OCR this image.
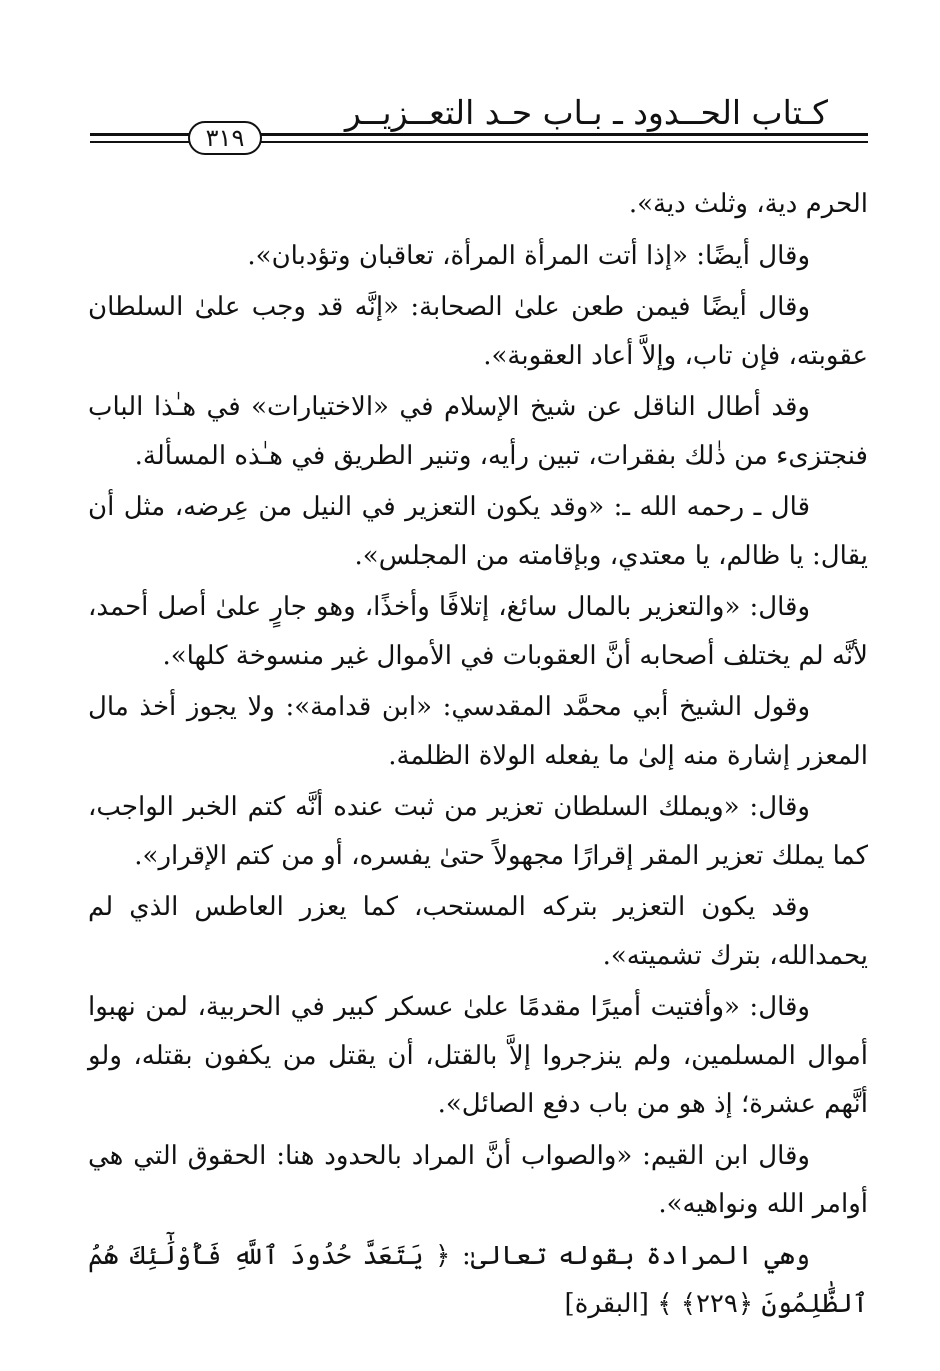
كـتاب الحــدود ـ بـاب حـد التعــزيــر
٣١٩

الحرم دية، وثلث دية».

وقال أيضًا: «إذا أتت المرأة المرأة، تعاقبان وتؤدبان».

وقال أيضًا فيمن طعن علىٰ الصحابة: «إنَّه قد وجب علىٰ السلطان عقوبته، فإن تاب، وإلاَّ أعاد العقوبة».

وقد أطال الناقل عن شيخ الإسلام في «الاختيارات» في هـٰذا الباب فنجتزىء من ذٰلك بفقرات، تبين رأيه، وتنير الطريق في هـٰذه المسألة.

قال ـ رحمه الله ـ: «وقد يكون التعزير في النيل من عِرضه، مثل أن يقال: يا ظالم، يا معتدي، وبإقامته من المجلس».

وقال: «والتعزير بالمال سائغ، إتلافًا وأخذًا، وهو جارٍ علىٰ أصل أحمد، لأنَّه لم يختلف أصحابه أنَّ العقوبات في الأموال غير منسوخة كلها».

وقول الشيخ أبي محمَّد المقدسي: «ابن قدامة»: ولا يجوز أخذ مال المعزر إشارة منه إلىٰ ما يفعله الولاة الظلمة.

وقال: «ويملك السلطان تعزير من ثبت عنده أنَّه كتم الخبر الواجب، كما يملك تعزير المقر إقرارًا مجهولاً حتىٰ يفسره، أو من كتم الإقرار».

وقد يكون التعزير بتركه المستحب، كما يعزر العاطس الذي لم يحمدالله، بترك تشميته».

وقال: «وأفتيت أميرًا مقدمًا علىٰ عسكر كبير في الحربية، لمن نهبوا أموال المسلمين، ولم ينزجروا إلاَّ بالقتل، أن يقتل من يكفون بقتله، ولو أنَّهم عشرة؛ إذ هو من باب دفع الصائل».

وقال ابن القيم: «والصواب أنَّ المراد بالحدود هنا: الحقوق التي هي أوامر الله ونواهيه».

وهي المرادة بقوله تعالىٰ: ﴿ يَتَعَدَّ حُدُودَ ٱللَّهِ فَأُوْلَٰٓئِكَ هُمُ ٱلظَّٰلِمُونَ ﴿٢٢٩﴾ ﴾ [البقرة]
